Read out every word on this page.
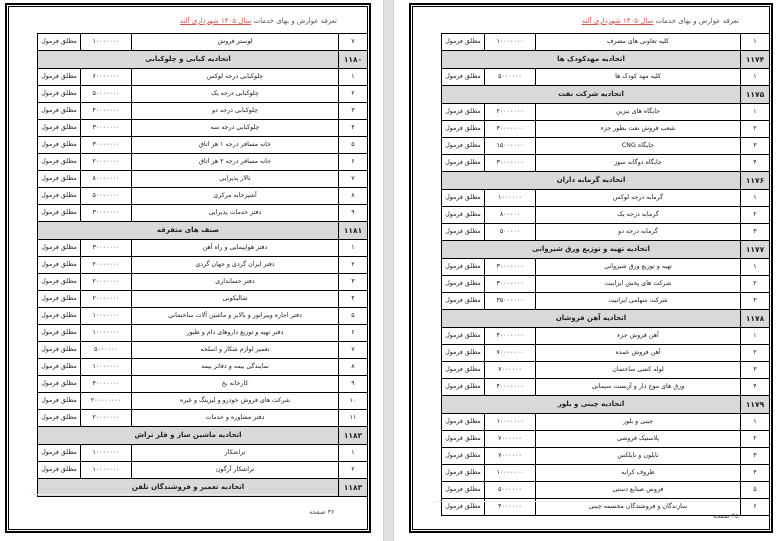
تعرفه عوارض و بهای خدمات سال ۱۴۰۵ شهرداری آلند
۷	لوستر فروش	۱۰۰۰۰۰۰۰	مطلق فرمول
۱۱۸۰	اتحادیه کبابی و چلوکبابی		
۱	چلوکبابی درجه لوکس	۶۰۰۰۰۰۰۰	مطلق فرمول
۲	چلوکبابی درجه یک	۵۰۰۰۰۰۰۰	مطلق فرمول
۳	چلوکبابی درجه دو	۴۰۰۰۰۰۰۰	مطلق فرمول
۴	چلوکبابی درجه سه	۳۰۰۰۰۰۰۰	مطلق فرمول
۵	خانه مسافر درجه ۱ هر اتاق	۳۰۰۰۰۰۰۰	مطلق فرمول
۶	خانه مسافر درجه ۲ هر اتاق	۲۰۰۰۰۰۰۰	مطلق فرمول
۷	تالار پذیرایی	۸۰۰۰۰۰۰۰	مطلق فرمول
۸	آشپزخانه مرکزی	۵۰۰۰۰۰۰۰	مطلق فرمول
۹	دفتر خدمات پذیرایی	۳۰۰۰۰۰۰۰	مطلق فرمول
۱۱۸۱	صنف های متفرقه		
۱	دفتر هواپیمایی و راه آهن	۳۰۰۰۰۰۰۰	مطلق فرمول
۲	دفتر ایران گردی و جهان گردی	۲۰۰۰۰۰۰۰	مطلق فرمول
۳	دفتر حسابداری	۲۰۰۰۰۰۰۰	مطلق فرمول
۴	شالیکوبی	۲۰۰۰۰۰۰۰	مطلق فرمول
۵	دفتر اجاره ویبراتور و بالابر و ماشین آلات ساختمانی	۱۰۰۰۰۰۰۰	مطلق فرمول
۶	دفتر تهیه و توزیع داروهای دام و طیور	۱۰۰۰۰۰۰۰	مطلق فرمول
۷	تعمیر لوازم شکار و اسلحه	۵۰۰۰۰۰۰	مطلق فرمول
۸	نمایندگی بیمه و دفاتر بیمه	۱۰۰۰۰۰۰۰	مطلق فرمول
۹	کارخانه یخ	۴۰۰۰۰۰۰۰	مطلق فرمول
۱۰	شرکت های فروش خودرو و لیزینگ و غیره	۲۰۰۰۰۰۰۰۰	مطلق فرمول
۱۱	دفتر مشاوره و خدمات	۲۰۰۰۰۰۰۰	مطلق فرمول
۱۱۸۲	اتحادیه ماشین ساز و فلز تراش		
۱	تراشکار	۱۰۰۰۰۰۰۰	مطلق فرمول
۲	تراشکار آرگون	۱۰۰۰۰۰۰۰	مطلق فرمول
۱۱۸۳	اتحادیه تعمیر و فروشندگان تلفن		
۳۶ صفحه
تعرفه عوارض و بهای خدمات سال ۱۴۰۵ شهرداری آلند
۱	کلیه تعاونی های مصرف	۱۰۰۰۰۰۰۰	مطلق فرمول
۱۱۷۴	اتحادیه مهدکودک ها		
۱	کلیه مهد کودک ها	۵۰۰۰۰۰۰	مطلق فرمول
۱۱۷۵	اتحادیه شرکت نفت		
۱	جایگاه های بنزین	۲۰۰۰۰۰۰۰	مطلق فرمول
۲	شعب فروش نفت بطور جزء	۳۰۰۰۰۰۰۰	مطلق فرمول
۳	جایگاه CNG	۱۵۰۰۰۰۰۰	مطلق فرمول
۴	جایگاه دوگانه سوز	۳۰۰۰۰۰۰۰	مطلق فرمول
۱۱۷۶	اتحادیه گرمابه داران		
۱	گرمابه درجه لوکس	۱۰۰۰۰۰۰	مطلق فرمول
۲	گرمابه درجه یک	۸۰۰۰۰۰	مطلق فرمول
۳	گرمابه درجه دو	۵۰۰۰۰۰	مطلق فرمول
۱۱۷۷	اتحادیه تهیه و توزیع ورق شیروانی		
۱	تهیه و توزیع ورق شیروانی	۳۰۰۰۰۰۰۰	مطلق فرمول
۲	شرکت های پخش ایرانیت	۳۰۰۰۰۰۰۰	مطلق فرمول
۳	شرکت سهامی ایرانیت	۳۵۰۰۰۰۰۰	مطلق فرمول
۱۱۷۸	اتحادیه آهن فروشان		
۱	آهن فروش جزء	۴۰۰۰۰۰۰۰	مطلق فرمول
۲	آهن فروش عمده	۷۰۰۰۰۰۰۰	مطلق فرمول
۳	لوله کشی ساختمان	۷۰۰۰۰۰۰	مطلق فرمول
۴	ورق های موج دار و آزبست سیمانی	۴۰۰۰۰۰۰۰	مطلق فرمول
۱۱۷۹	اتحادیه چینی و بلور		
۱	چینی و بلور	۱۰۰۰۰۰۰۰	مطلق فرمول
۲	پلاستیک فروشی	۷۰۰۰۰۰۰	مطلق فرمول
۳	نایلون و نایلکس	۷۰۰۰۰۰۰	مطلق فرمول
۴	ظروف کرایه	۱۰۰۰۰۰۰۰	مطلق فرمول
۵	فروش صنایع دستی	۵۰۰۰۰۰۰	مطلق فرمول
۶	سازندگان و فروشندگان مجسمه چینی	۴۰۰۰۰۰۰	مطلق فرمول
۳۵ صفحه
